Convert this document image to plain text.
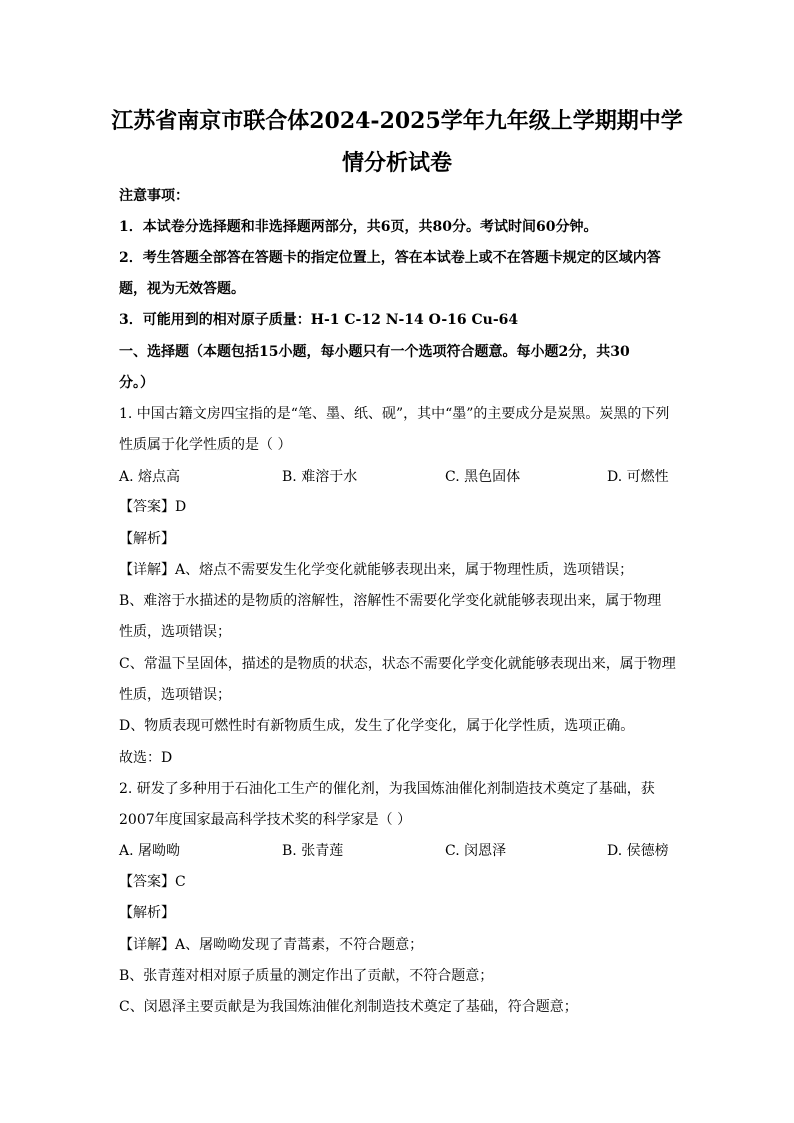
江苏省南京市联合体2024-2025学年九年级上学期期中学
情分析试卷
注意事项：
1．本试卷分选择题和非选择题两部分，共6页，共80分。考试时间60分钟。
2．考生答题全部答在答题卡的指定位置上，答在本试卷上或不在答题卡规定的区域内答
题，视为无效答题。
3．可能用到的相对原子质量：H-1 C-12 N-14 O-16 Cu-64
一、选择题（本题包括15小题，每小题只有一个选项符合题意。每小题2分，共30
分。）
1. 中国古籍文房四宝指的是“笔、墨、纸、砚”，其中“墨”的主要成分是炭黑。炭黑的下列
性质属于化学性质的是（ ）
A. 熔点高	B. 难溶于水	C. 黑色固体	D. 可燃性
【答案】D
【解析】
【详解】A、熔点不需要发生化学变化就能够表现出来，属于物理性质，选项错误；
B、难溶于水描述的是物质的溶解性，溶解性不需要化学变化就能够表现出来，属于物理
性质，选项错误；
C、常温下呈固体，描述的是物质的状态，状态不需要化学变化就能够表现出来，属于物理
性质，选项错误；
D、物质表现可燃性时有新物质生成，发生了化学变化，属于化学性质，选项正确。
故选：D
2. 研发了多种用于石油化工生产的催化剂，为我国炼油催化剂制造技术奠定了基础，获
2007年度国家最高科学技术奖的科学家是（ ）
A. 屠呦呦	B. 张青莲	C. 闵恩泽	D. 侯德榜
【答案】C
【解析】
【详解】A、屠呦呦发现了青蒿素，不符合题意；
B、张青莲对相对原子质量的测定作出了贡献，不符合题意；
C、闵恩泽主要贡献是为我国炼油催化剂制造技术奠定了基础，符合题意；
